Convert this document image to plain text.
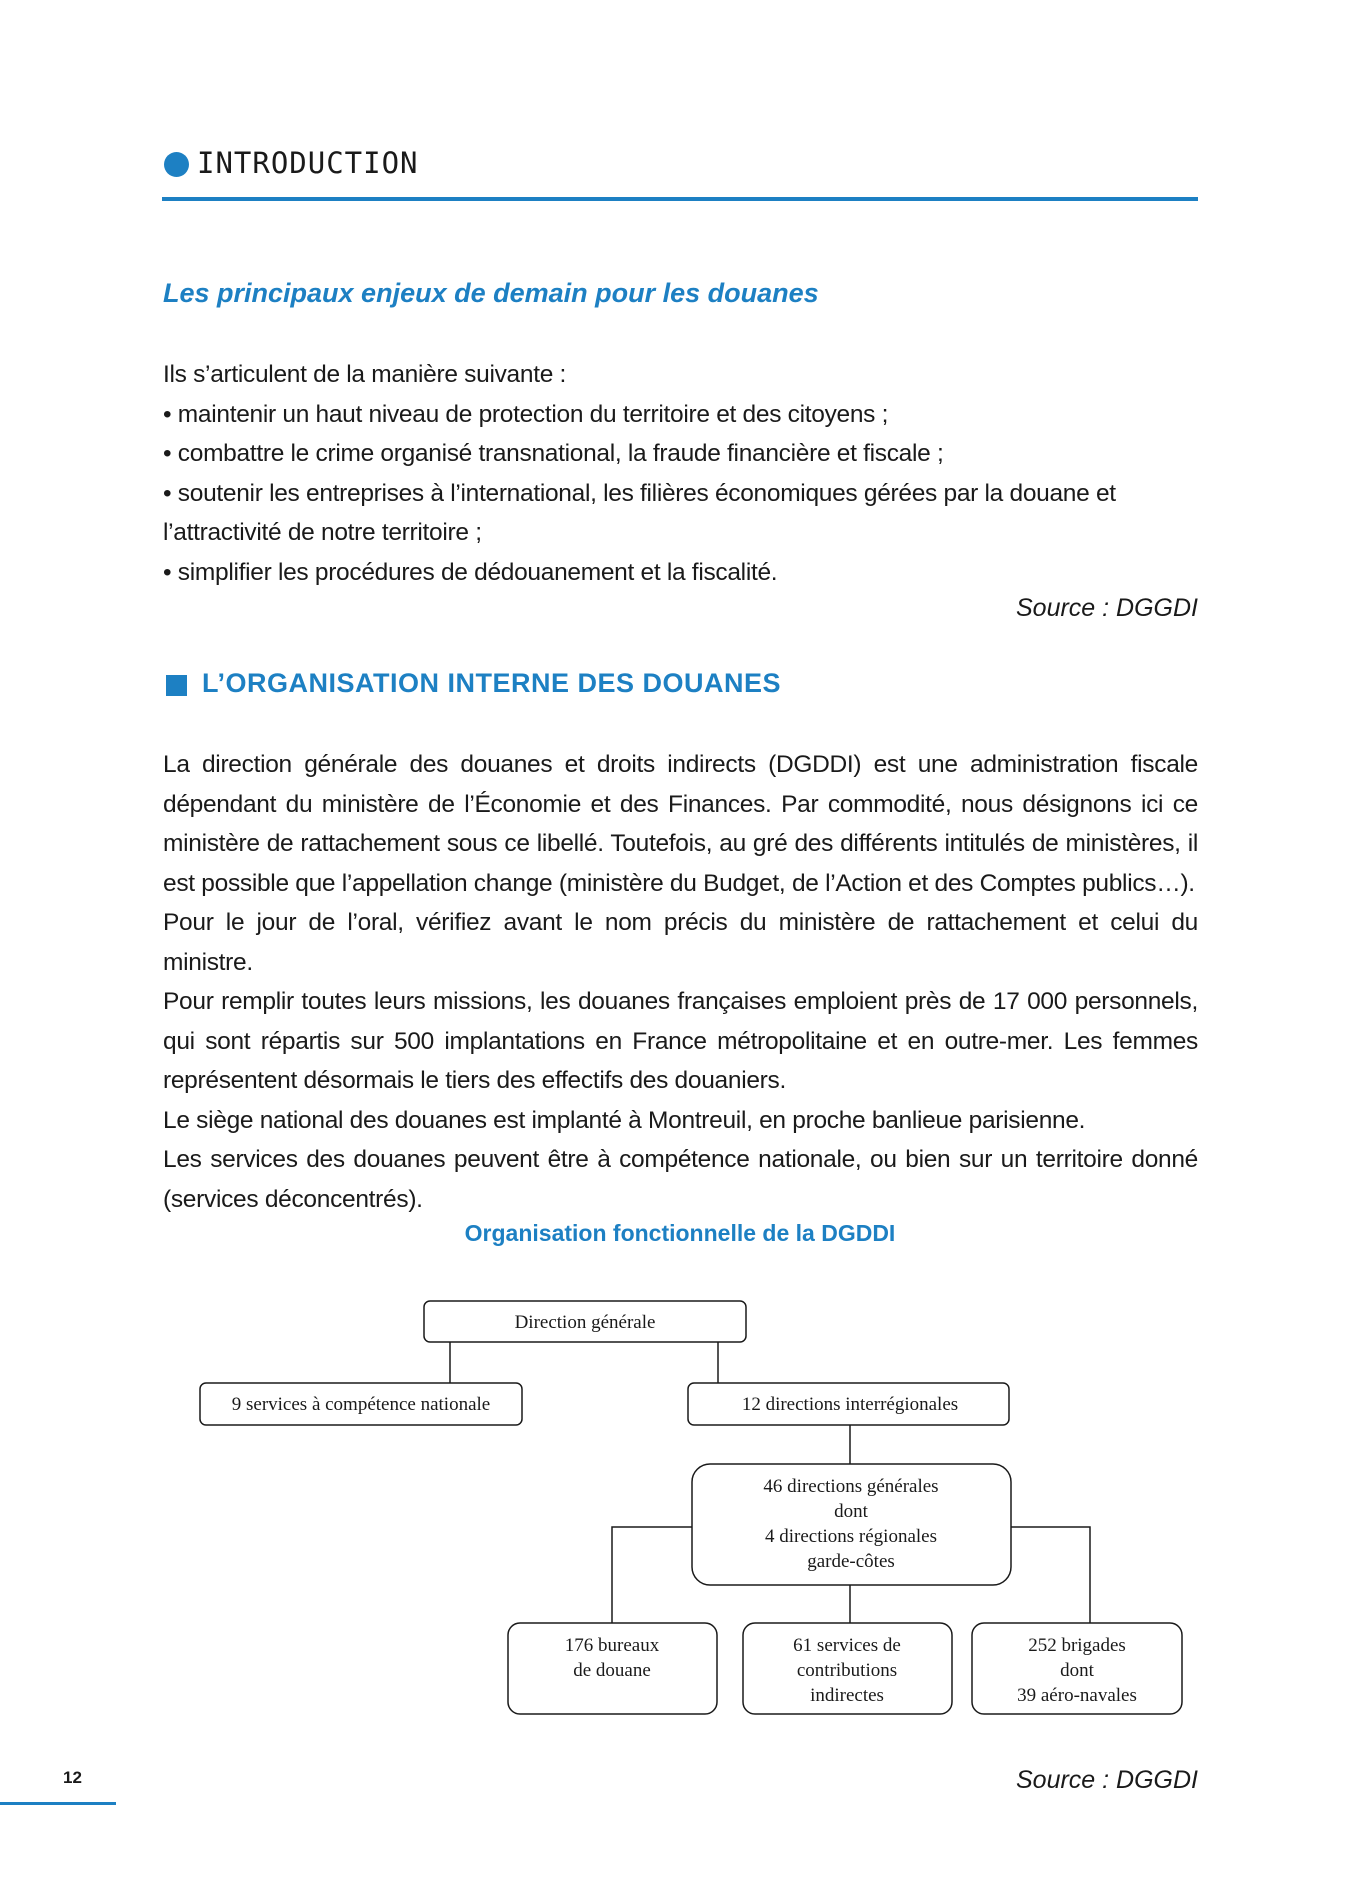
INTRODUCTION
Les principaux enjeux de demain pour les douanes

Ils s’articulent de la manière suivante :

• maintenir un haut niveau de protection du territoire et des citoyens ;

• combattre le crime organisé transnational, la fraude financière et fiscale ;

• soutenir les entreprises à l’international, les filières économiques gérées par la douane et

l’attractivité de notre territoire ;

• simplifier les procédures de dédouanement et la fiscalité.

Source : DGGDI
L’ORGANISATION INTERNE DES DOUANES

La direction générale des douanes et droits indirects (DGDDI) est une administration fiscale dépendant du ministère de l’Économie et des Finances. Par commodité, nous désignons ici ce ministère de rattachement sous ce libellé. Toutefois, au gré des différents intitulés de ministères, il est possible que l’appellation change (ministère du Budget, de l’Action et des Comptes publics…).

Pour le jour de l’oral, vérifiez avant le nom précis du ministère de rattachement et celui du ministre.

Pour remplir toutes leurs missions, les douanes françaises emploient près de 17 000 personnels, qui sont répartis sur 500 implantations en France métropolitaine et en outre-mer. Les femmes représentent désormais le tiers des effectifs des douaniers.

Le siège national des douanes est implanté à Montreuil, en proche banlieue parisienne.

Les services des douanes peuvent être à compétence nationale, ou bien sur un territoire donné (services déconcentrés).

Organisation fonctionnelle de la DGDDI
Direction générale
9 services à compétence nationale	12 directions interrégionales
46 directions générales
dont
4 directions régionales
garde-côtes
176 bureaux
de douane
61 services de
contributions
indirectes
252 brigades
dont
39 aéro-navales
Source : DGGDI
12
